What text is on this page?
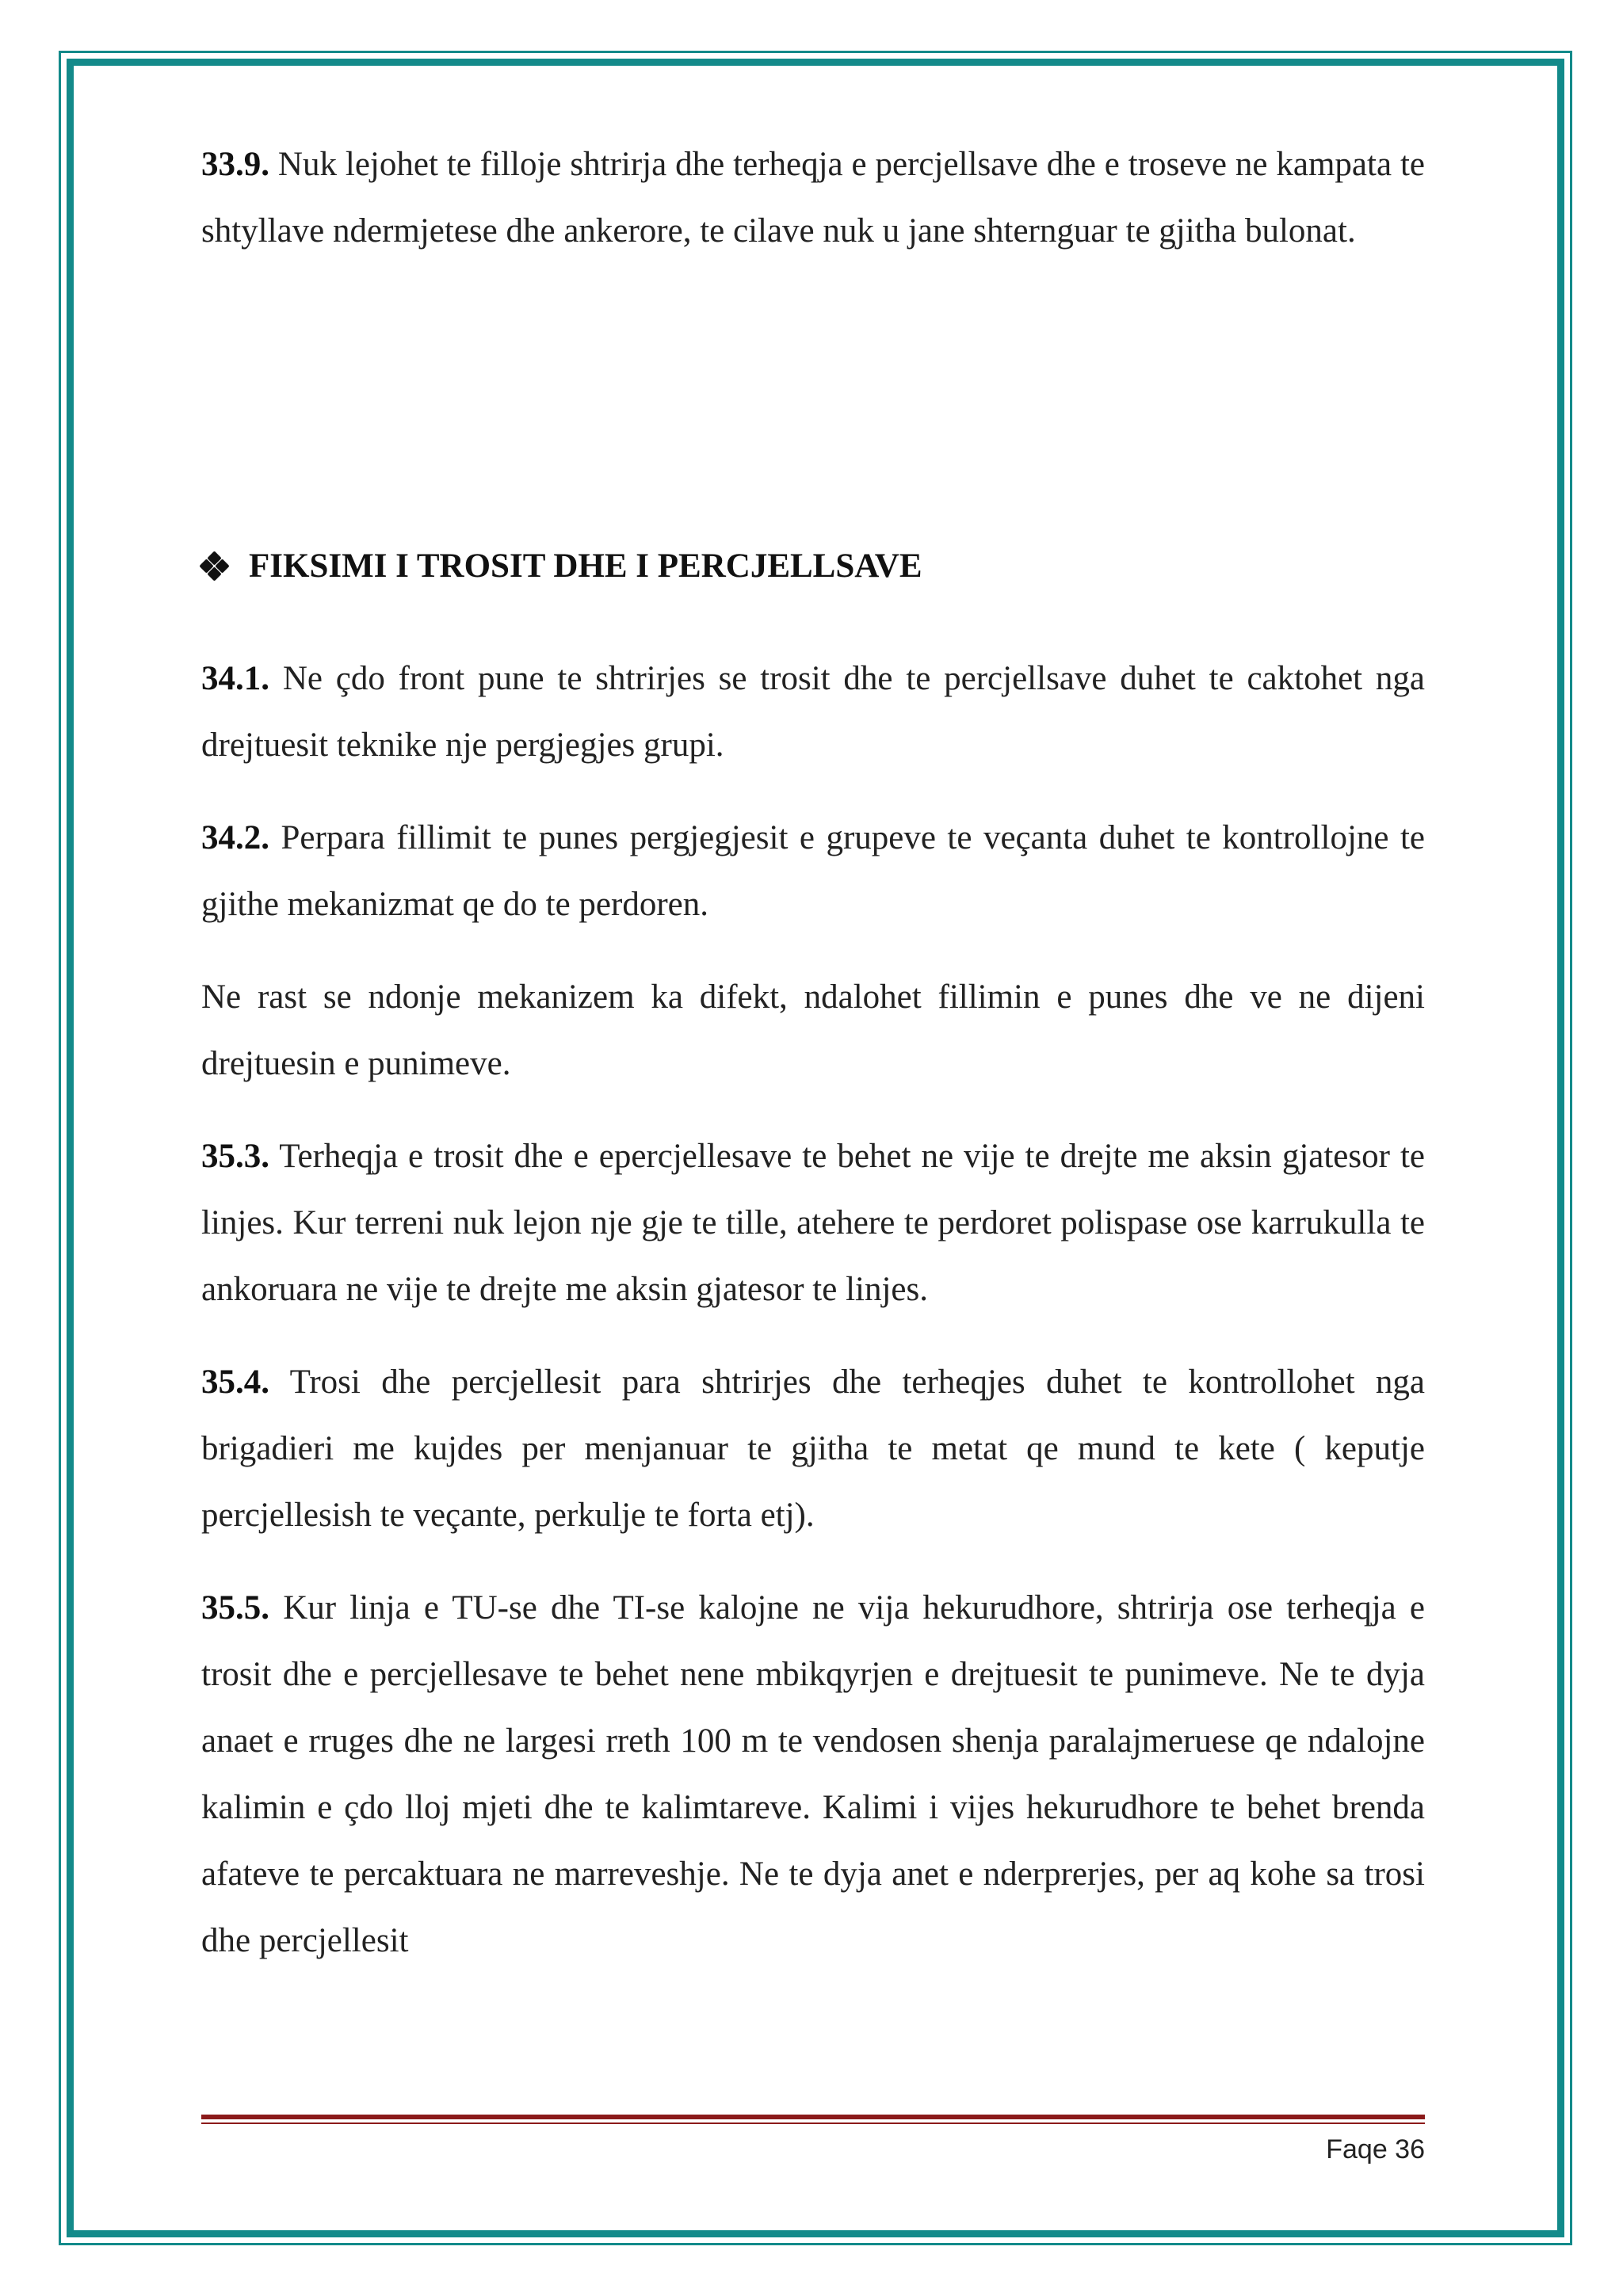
33.9. Nuk lejohet te filloje shtrirja dhe terheqja e percjellsave dhe e troseve ne kampata te shtyllave ndermjetese dhe ankerore, te cilave nuk u jane shternguar te gjitha bulonat.

FIKSIMI I TROSIT DHE I PERCJELLSAVE

34.1. Ne çdo front pune te shtrirjes se trosit dhe te percjellsave duhet te caktohet nga drejtuesit teknike nje pergjegjes grupi.

34.2. Perpara fillimit te punes pergjegjesit e grupeve te veçanta duhet te kontrollojne te gjithe mekanizmat qe do te perdoren.

Ne rast se ndonje mekanizem ka difekt, ndalohet fillimin e punes dhe ve ne dijeni drejtuesin e punimeve.

35.3. Terheqja e trosit dhe e epercjellesave te behet ne vije te drejte me aksin gjatesor te linjes. Kur terreni nuk lejon nje gje te tille, atehere te perdoret polispase ose karrukulla te ankoruara ne vije te drejte me aksin gjatesor te linjes.

35.4. Trosi dhe percjellesit para shtrirjes dhe terheqjes duhet te kontrollohet nga brigadieri me kujdes per menjanuar te gjitha te metat qe mund te kete ( keputje percjellesish te veçante, perkulje te forta etj).

35.5. Kur linja e TU-se dhe TI-se kalojne ne vija hekurudhore, shtrirja ose terheqja e trosit dhe e percjellesave te behet nene mbikqyrjen e drejtuesit te punimeve. Ne te dyja anaet e rruges dhe ne largesi rreth 100 m te vendosen shenja paralajmeruese qe ndalojne kalimin e çdo lloj mjeti dhe te kalimtareve. Kalimi i vijes hekurudhore te behet brenda afateve te percaktuara ne marreveshje. Ne te dyja anet e nderprerjes, per aq kohe sa trosi dhe percjellesit

Faqe 36
